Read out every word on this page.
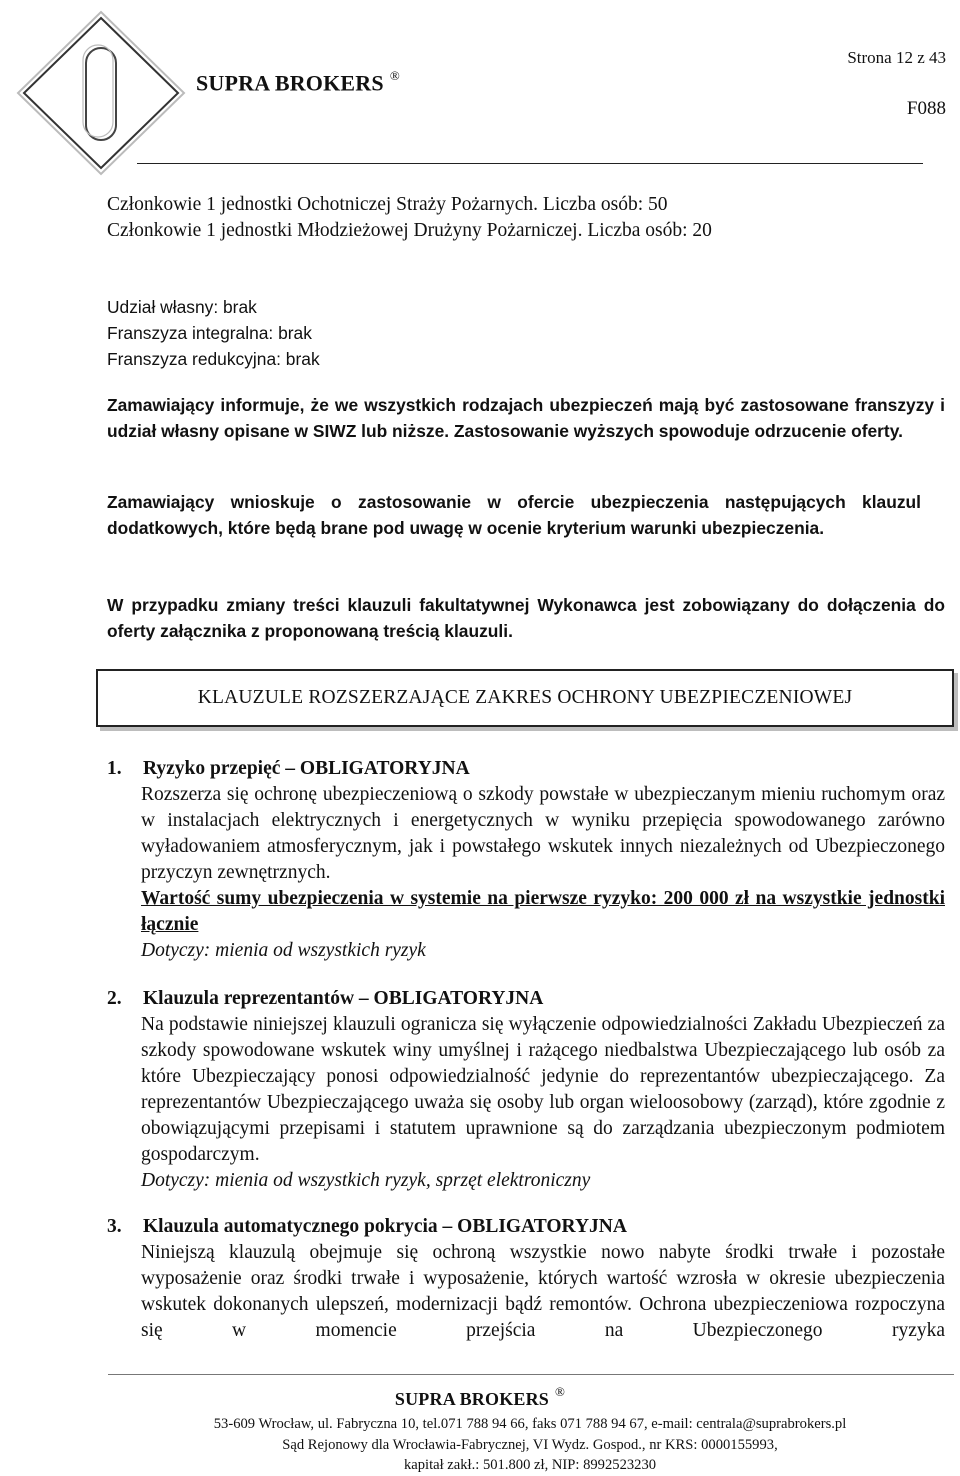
SUPRA BROKERS ®
Strona 12 z 43
F088
Członkowie 1 jednostki Ochotniczej Straży Pożarnych. Liczba osób: 50
Członkowie 1 jednostki Młodzieżowej Drużyny Pożarniczej. Liczba osób: 20
Udział własny: brak
Franszyza integralna: brak
Franszyza redukcyjna: brak
Zamawiający informuje, że we wszystkich rodzajach ubezpieczeń mają być zastosowane franszyzy i udział własny opisane w SIWZ lub niższe. Zastosowanie wyższych spowoduje odrzucenie oferty.
Zamawiający wnioskuje o zastosowanie w ofercie ubezpieczenia następujących klauzul dodatkowych, które będą brane pod uwagę w ocenie kryterium warunki ubezpieczenia.
W przypadku zmiany treści klauzuli fakultatywnej Wykonawca jest zobowiązany do dołączenia do oferty załącznika z proponowaną treścią klauzuli.
KLAUZULE ROZSZERZAJĄCE ZAKRES OCHRONY UBEZPIECZENIOWEJ
1. Ryzyko przepięć – OBLIGATORYJNA

Rozszerza się ochronę ubezpieczeniową o szkody powstałe w ubezpieczanym mieniu ruchomym oraz w instalacjach elektrycznych i energetycznych w wyniku przepięcia spowodowanego zarówno wyładowaniem atmosferycznym, jak i powstałego wskutek innych niezależnych od Ubezpieczonego przyczyn zewnętrznych.

Wartość sumy ubezpieczenia w systemie na pierwsze ryzyko: 200 000 zł na wszystkie jednostki łącznie

Dotyczy: mienia od wszystkich ryzyk

2. Klauzula reprezentantów – OBLIGATORYJNA

Na podstawie niniejszej klauzuli ogranicza się wyłączenie odpowiedzialności Zakładu Ubezpieczeń za szkody spowodowane wskutek winy umyślnej i rażącego niedbalstwa Ubezpieczającego lub osób za które Ubezpieczający ponosi odpowiedzialność jedynie do reprezentantów ubezpieczającego. Za reprezentantów Ubezpieczającego uważa się osoby lub organ wieloosobowy (zarząd), które zgodnie z obowiązującymi przepisami i statutem uprawnione są do zarządzania ubezpieczonym podmiotem gospodarczym.

Dotyczy: mienia od wszystkich ryzyk, sprzęt elektroniczny

3. Klauzula automatycznego pokrycia – OBLIGATORYJNA

Niniejszą klauzulą obejmuje się ochroną wszystkie nowo nabyte środki trwałe i pozostałe wyposażenie oraz środki trwałe i wyposażenie, których wartość wzrosła w okresie ubezpieczenia wskutek dokonanych ulepszeń, modernizacji bądź remontów. Ochrona ubezpieczeniowa rozpoczyna się w momencie przejścia na Ubezpieczonego ryzyka

SUPRA BROKERS ®
53-609 Wrocław, ul. Fabryczna 10, tel.071 788 94 66, faks 071 788 94 67, e-mail: centrala@suprabrokers.pl
Sąd Rejonowy dla Wrocławia-Fabrycznej, VI Wydz. Gospod., nr KRS: 0000155993,
kapitał zakł.: 501.800 zł, NIP: 8992523230
